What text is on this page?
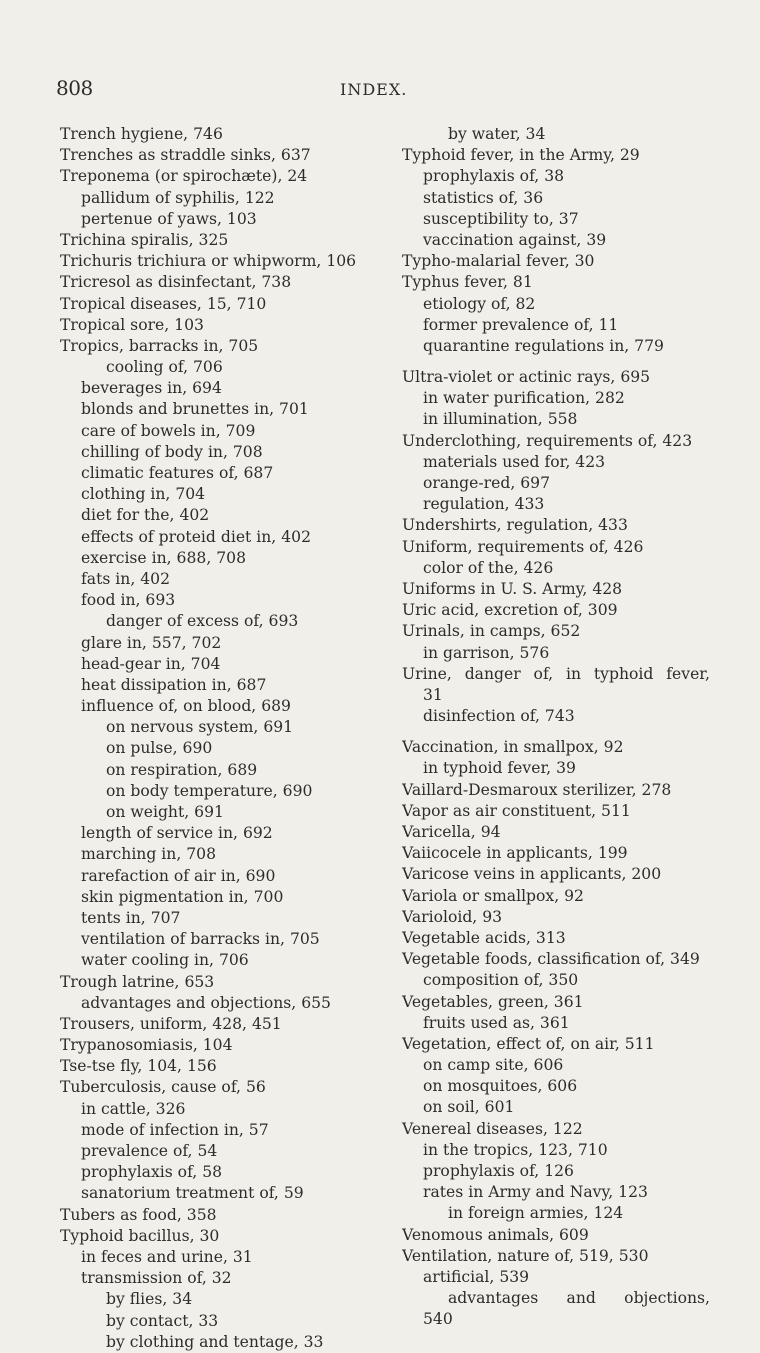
808	INDEX.
Trench hygiene, 746
Trenches as straddle sinks, 637
Treponema (or spirochæte), 24
pallidum of syphilis, 122
pertenue of yaws, 103
Trichina spiralis, 325
Trichuris trichiura or whipworm, 106
Tricresol as disinfectant, 738
Tropical diseases, 15, 710
Tropical sore, 103
Tropics, barracks in, 705
cooling of, 706
beverages in, 694
blonds and brunettes in, 701
care of bowels in, 709
chilling of body in, 708
climatic features of, 687
clothing in, 704
diet for the, 402
effects of proteid diet in, 402
exercise in, 688, 708
fats in, 402
food in, 693
danger of excess of, 693
glare in, 557, 702
head-gear in, 704
heat dissipation in, 687
influence of, on blood, 689
on nervous system, 691
on pulse, 690
on respiration, 689
on body temperature, 690
on weight, 691
length of service in, 692
marching in, 708
rarefaction of air in, 690
skin pigmentation in, 700
tents in, 707
ventilation of barracks in, 705
water cooling in, 706
Trough latrine, 653
advantages and objections, 655
Trousers, uniform, 428, 451
Trypanosomiasis, 104
Tse-tse fly, 104, 156
Tuberculosis, cause of, 56
in cattle, 326
mode of infection in, 57
prevalence of, 54
prophylaxis of, 58
sanatorium treatment of, 59
Tubers as food, 358
Typhoid bacillus, 30
in feces and urine, 31
transmission of, 32
by flies, 34
by contact, 33
by clothing and tentage, 33
by water, 34
Typhoid fever, in the Army, 29
prophylaxis of, 38
statistics of, 36
susceptibility to, 37
vaccination against, 39
Typho-malarial fever, 30
Typhus fever, 81
etiology of, 82
former prevalence of, 11
quarantine regulations in, 779
Ultra-violet or actinic rays, 695
in water purification, 282
in illumination, 558
Underclothing, requirements of, 423
materials used for, 423
orange-red, 697
regulation, 433
Undershirts, regulation, 433
Uniform, requirements of, 426
color of the, 426
Uniforms in U. S. Army, 428
Uric acid, excretion of, 309
Urinals, in camps, 652
in garrison, 576
Urine, danger of, in typhoid fever,
31
disinfection of, 743
Vaccination, in smallpox, 92
in typhoid fever, 39
Vaillard-Desmaroux sterilizer, 278
Vapor as air constituent, 511
Varicella, 94
Vaiicocele in applicants, 199
Varicose veins in applicants, 200
Variola or smallpox, 92
Varioloid, 93
Vegetable acids, 313
Vegetable foods, classification of, 349
composition of, 350
Vegetables, green, 361
fruits used as, 361
Vegetation, effect of, on air, 511
on camp site, 606
on mosquitoes, 606
on soil, 601
Venereal diseases, 122
in the tropics, 123, 710
prophylaxis of, 126
rates in Army and Navy, 123
in foreign armies, 124
Venomous animals, 609
Ventilation, nature of, 519, 530
artificial, 539
advantages and objections,
540
